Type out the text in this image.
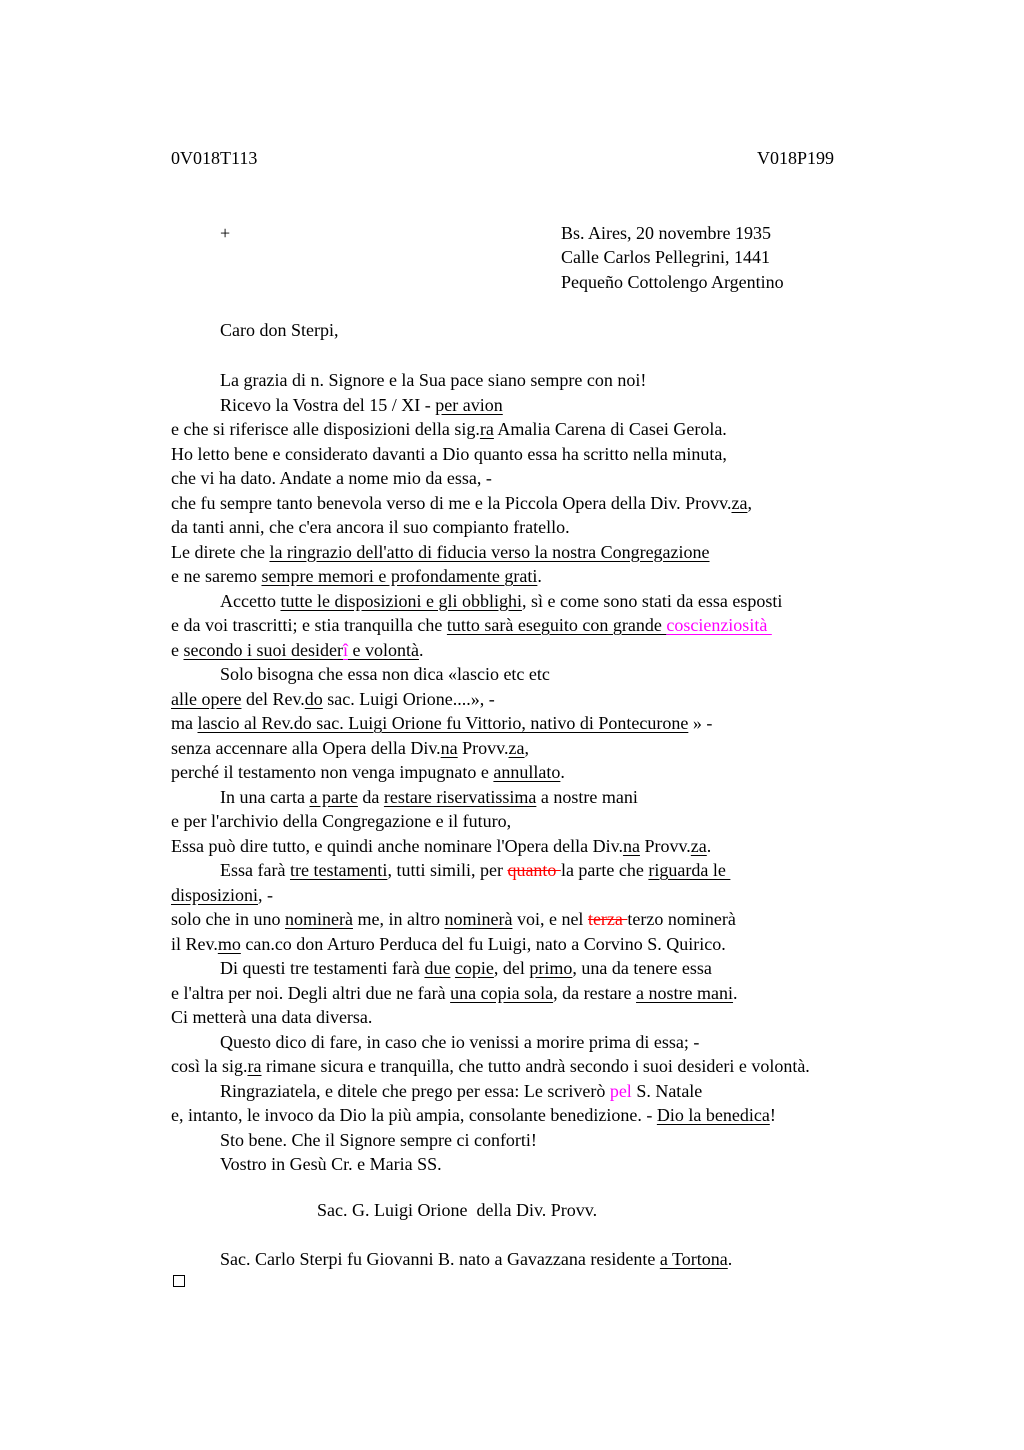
0V018T113	V018P199
+	Bs. Aires, 20 novembre 1935
Calle Carlos Pellegrini, 1441
Pequeño Cottolengo Argentino
Caro don Sterpi,
La grazia di n. Signore e la Sua pace siano sempre con noi!
Ricevo la Vostra del 15 / XI - per avion
e che si riferisce alle disposizioni della sig.ra Amalia Carena di Casei Gerola.
Ho letto bene e considerato davanti a Dio quanto essa ha scritto nella minuta,
che vi ha dato. Andate a nome mio da essa, -
che fu sempre tanto benevola verso di me e la Piccola Opera della Div. Provv.za,
da tanti anni, che c'era ancora il suo compianto fratello.
Le direte che la ringrazio dell'atto di fiducia verso la nostra Congregazione
e ne saremo sempre memori e profondamente grati.
Accetto tutte le disposizioni e gli obblighi, sì e come sono stati da essa esposti
e da voi trascritti; e stia tranquilla che tutto sarà eseguito con grande coscienziosità
e secondo i suoi desiderî e volontà.
Solo bisogna che essa non dica «lascio etc etc
alle opere del Rev.do sac. Luigi Orione....», -
ma lascio al Rev.do sac. Luigi Orione fu Vittorio, nativo di Pontecurone » -
senza accennare alla Opera della Div.na Provv.za,
perché il testamento non venga impugnato e annullato.
In una carta a parte da restare riservatissima a nostre mani
e per l'archivio della Congregazione e il futuro,
Essa può dire tutto, e quindi anche nominare l'Opera della Div.na Provv.za.
Essa farà tre testamenti, tutti simili, per quanto la parte che riguarda le
disposizioni, -
solo che in uno nominerà me, in altro nominerà voi, e nel terza terzo nominerà
il Rev.mo can.co don Arturo Perduca del fu Luigi, nato a Corvino S. Quirico.
Di questi tre testamenti farà due copie, del primo, una da tenere essa
e l'altra per noi. Degli altri due ne farà una copia sola, da restare a nostre mani.
Ci metterà una data diversa.
Questo dico di fare, in caso che io venissi a morire prima di essa; -
così la sig.ra rimane sicura e tranquilla, che tutto andrà secondo i suoi desideri e volontà.
Ringraziatela, e ditele che prego per essa: Le scriverò pel S. Natale
e, intanto, le invoco da Dio la più ampia, consolante benedizione. - Dio la benedica!
Sto bene. Che il Signore sempre ci conforti!
Vostro in Gesù Cr. e Maria SS.
Sac. G. Luigi Orione  della Div. Provv.
Sac. Carlo Sterpi fu Giovanni B. nato a Gavazzana residente a Tortona.
